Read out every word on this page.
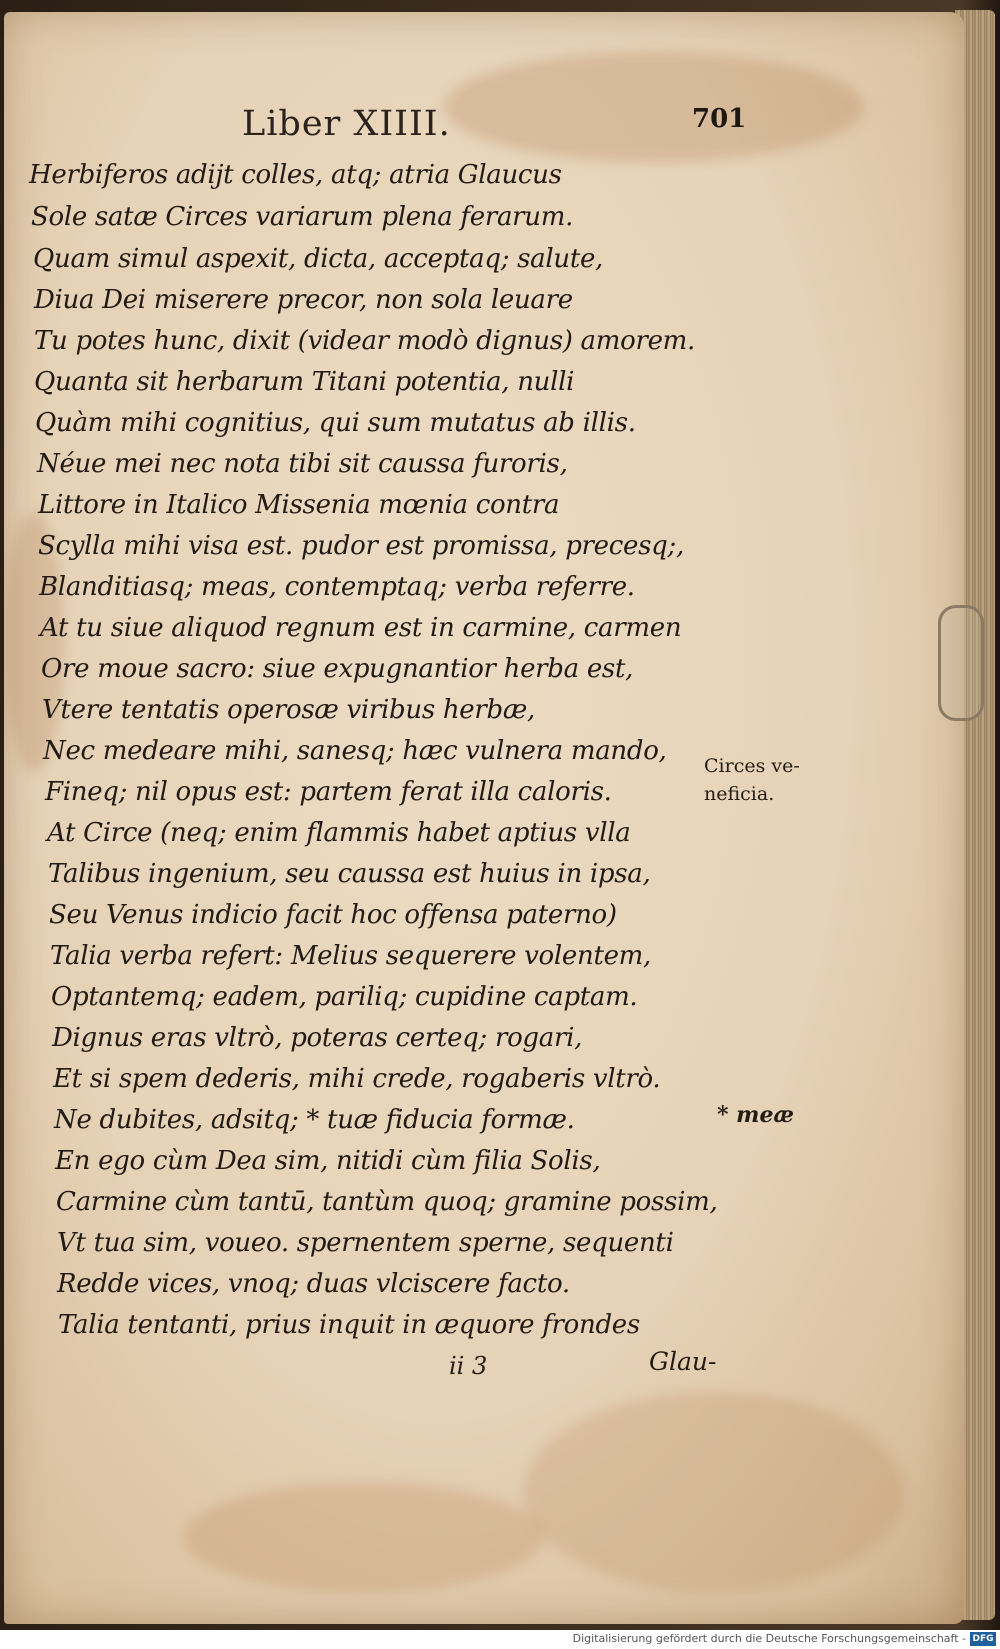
Liber XIIII.	701
Herbiferos adijt colles, atq; atria Glaucus
Sole satæ Circes variarum plena ferarum.
Quam simul aspexit, dicta, acceptaq; salute,
Diua Dei miserere precor, non sola leuare
Tu potes hunc, dixit (videar modò dignus) amorem.
Quanta sit herbarum Titani potentia, nulli
Quàm mihi cognitius, qui sum mutatus ab illis.
Néue mei nec nota tibi sit caussa furoris,
Littore in Italico Missenia mœnia contra
Scylla mihi visa est. pudor est promissa, precesq;,
Blanditiasq; meas, contemptaq; verba referre.
At tu siue aliquod regnum est in carmine, carmen
Ore moue sacro: siue expugnantior herba est,
Vtere tentatis operosæ viribus herbæ,
Nec medeare mihi, sanesq; hæc vulnera mando,
Fineq; nil opus est: partem ferat illa caloris.
At Circe (neq; enim flammis habet aptius vlla
Talibus ingenium, seu caussa est huius in ipsa,
Seu Venus indicio facit hoc offensa paterno)
Talia verba refert: Melius sequerere volentem,
Optantemq; eadem, pariliq; cupidine captam.
Dignus eras vltrò, poteras certeq; rogari,
Et si spem dederis, mihi crede, rogaberis vltrò.
Ne dubites, adsitq; * tuæ fiducia formæ.
En ego cùm Dea sim, nitidi cùm filia Solis,
Carmine cùm tantū, tantùm quoq; gramine possim,
Vt tua sim, voueo. spernentem sperne, sequenti
Redde vices, vnoq; duas vlciscere facto.
Talia tentanti, prius inquit in æquore frondes
Circes ve-
neficia.
* meæ
ii 3	Glau-
Digitalisierung gefördert durch die Deutsche Forschungsgemeinschaft - DFG
